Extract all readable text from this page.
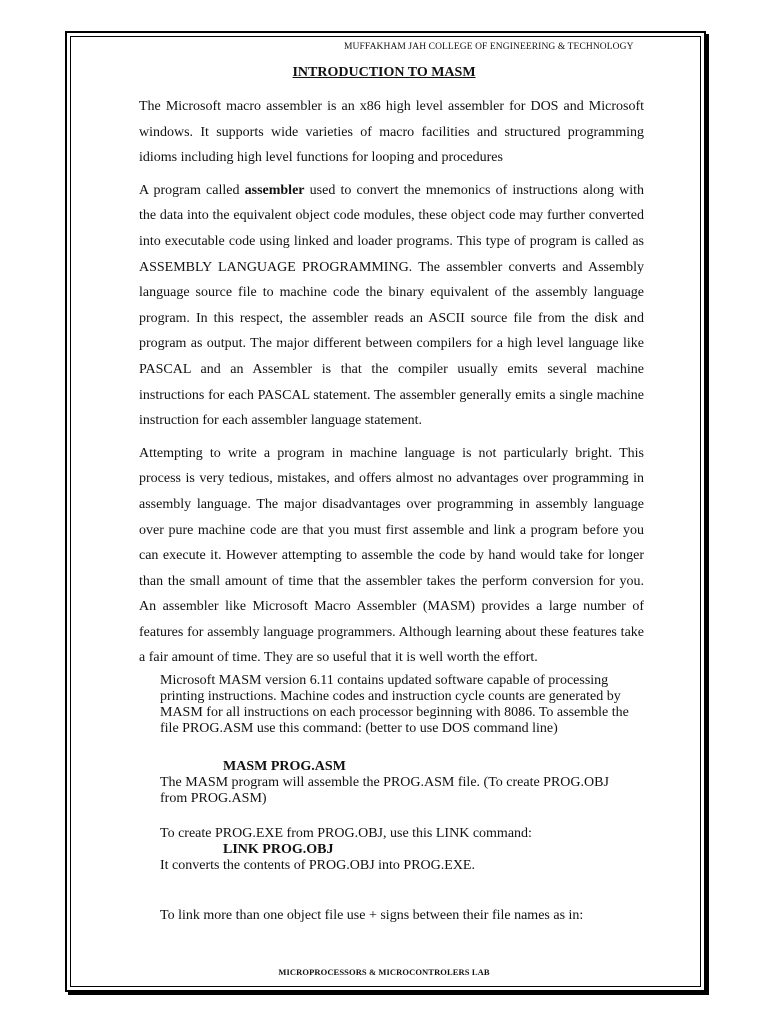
MUFFAKHAM JAH COLLEGE OF ENGINEERING & TECHNOLOGY
INTRODUCTION TO MASM

The Microsoft macro assembler is an x86 high level assembler for DOS and Microsoft windows. It supports wide varieties of macro facilities and structured programming idioms including high level functions for looping and procedures

A program called assembler used to convert the mnemonics of instructions along with the data into the equivalent object code modules, these object code may further converted into executable code using linked and loader programs. This type of program is called as ASSEMBLY LANGUAGE PROGRAMMING. The assembler converts and Assembly language source file to machine code the binary equivalent of the assembly language program. In this respect, the assembler reads an ASCII source file from the disk and program as output. The major different between compilers for a high level language like PASCAL and an Assembler is that the compiler usually emits several machine instructions for each PASCAL statement. The assembler generally emits a single machine instruction for each assembler language statement.

Attempting to write a program in machine language is not particularly bright. This process is very tedious, mistakes, and offers almost no advantages over programming in assembly language. The major disadvantages over programming in assembly language over pure machine code are that you must first assemble and link a program before you can execute it. However attempting to assemble the code by hand would take for longer than the small amount of time that the assembler takes the perform conversion for you. An assembler like Microsoft Macro Assembler (MASM) provides a large number of features for assembly language programmers. Although learning about these features take a fair amount of time. They are so useful that it is well worth the effort.

Microsoft MASM version 6.11 contains updated software capable of processing
printing instructions. Machine codes and instruction cycle counts are generated by
MASM for all instructions on each processor beginning with 8086. To assemble the
file PROG.ASM use this command: (better to use DOS command line)
MASM PROG.ASM
The MASM program will assemble the PROG.ASM file. (To create PROG.OBJ
from PROG.ASM)
To create PROG.EXE from PROG.OBJ, use this LINK command:
LINK PROG.OBJ
It converts the contents of PROG.OBJ into PROG.EXE.
To link more than one object file use + signs between their file names as in:
MICROPROCESSORS & MICROCONTROLERS LAB
